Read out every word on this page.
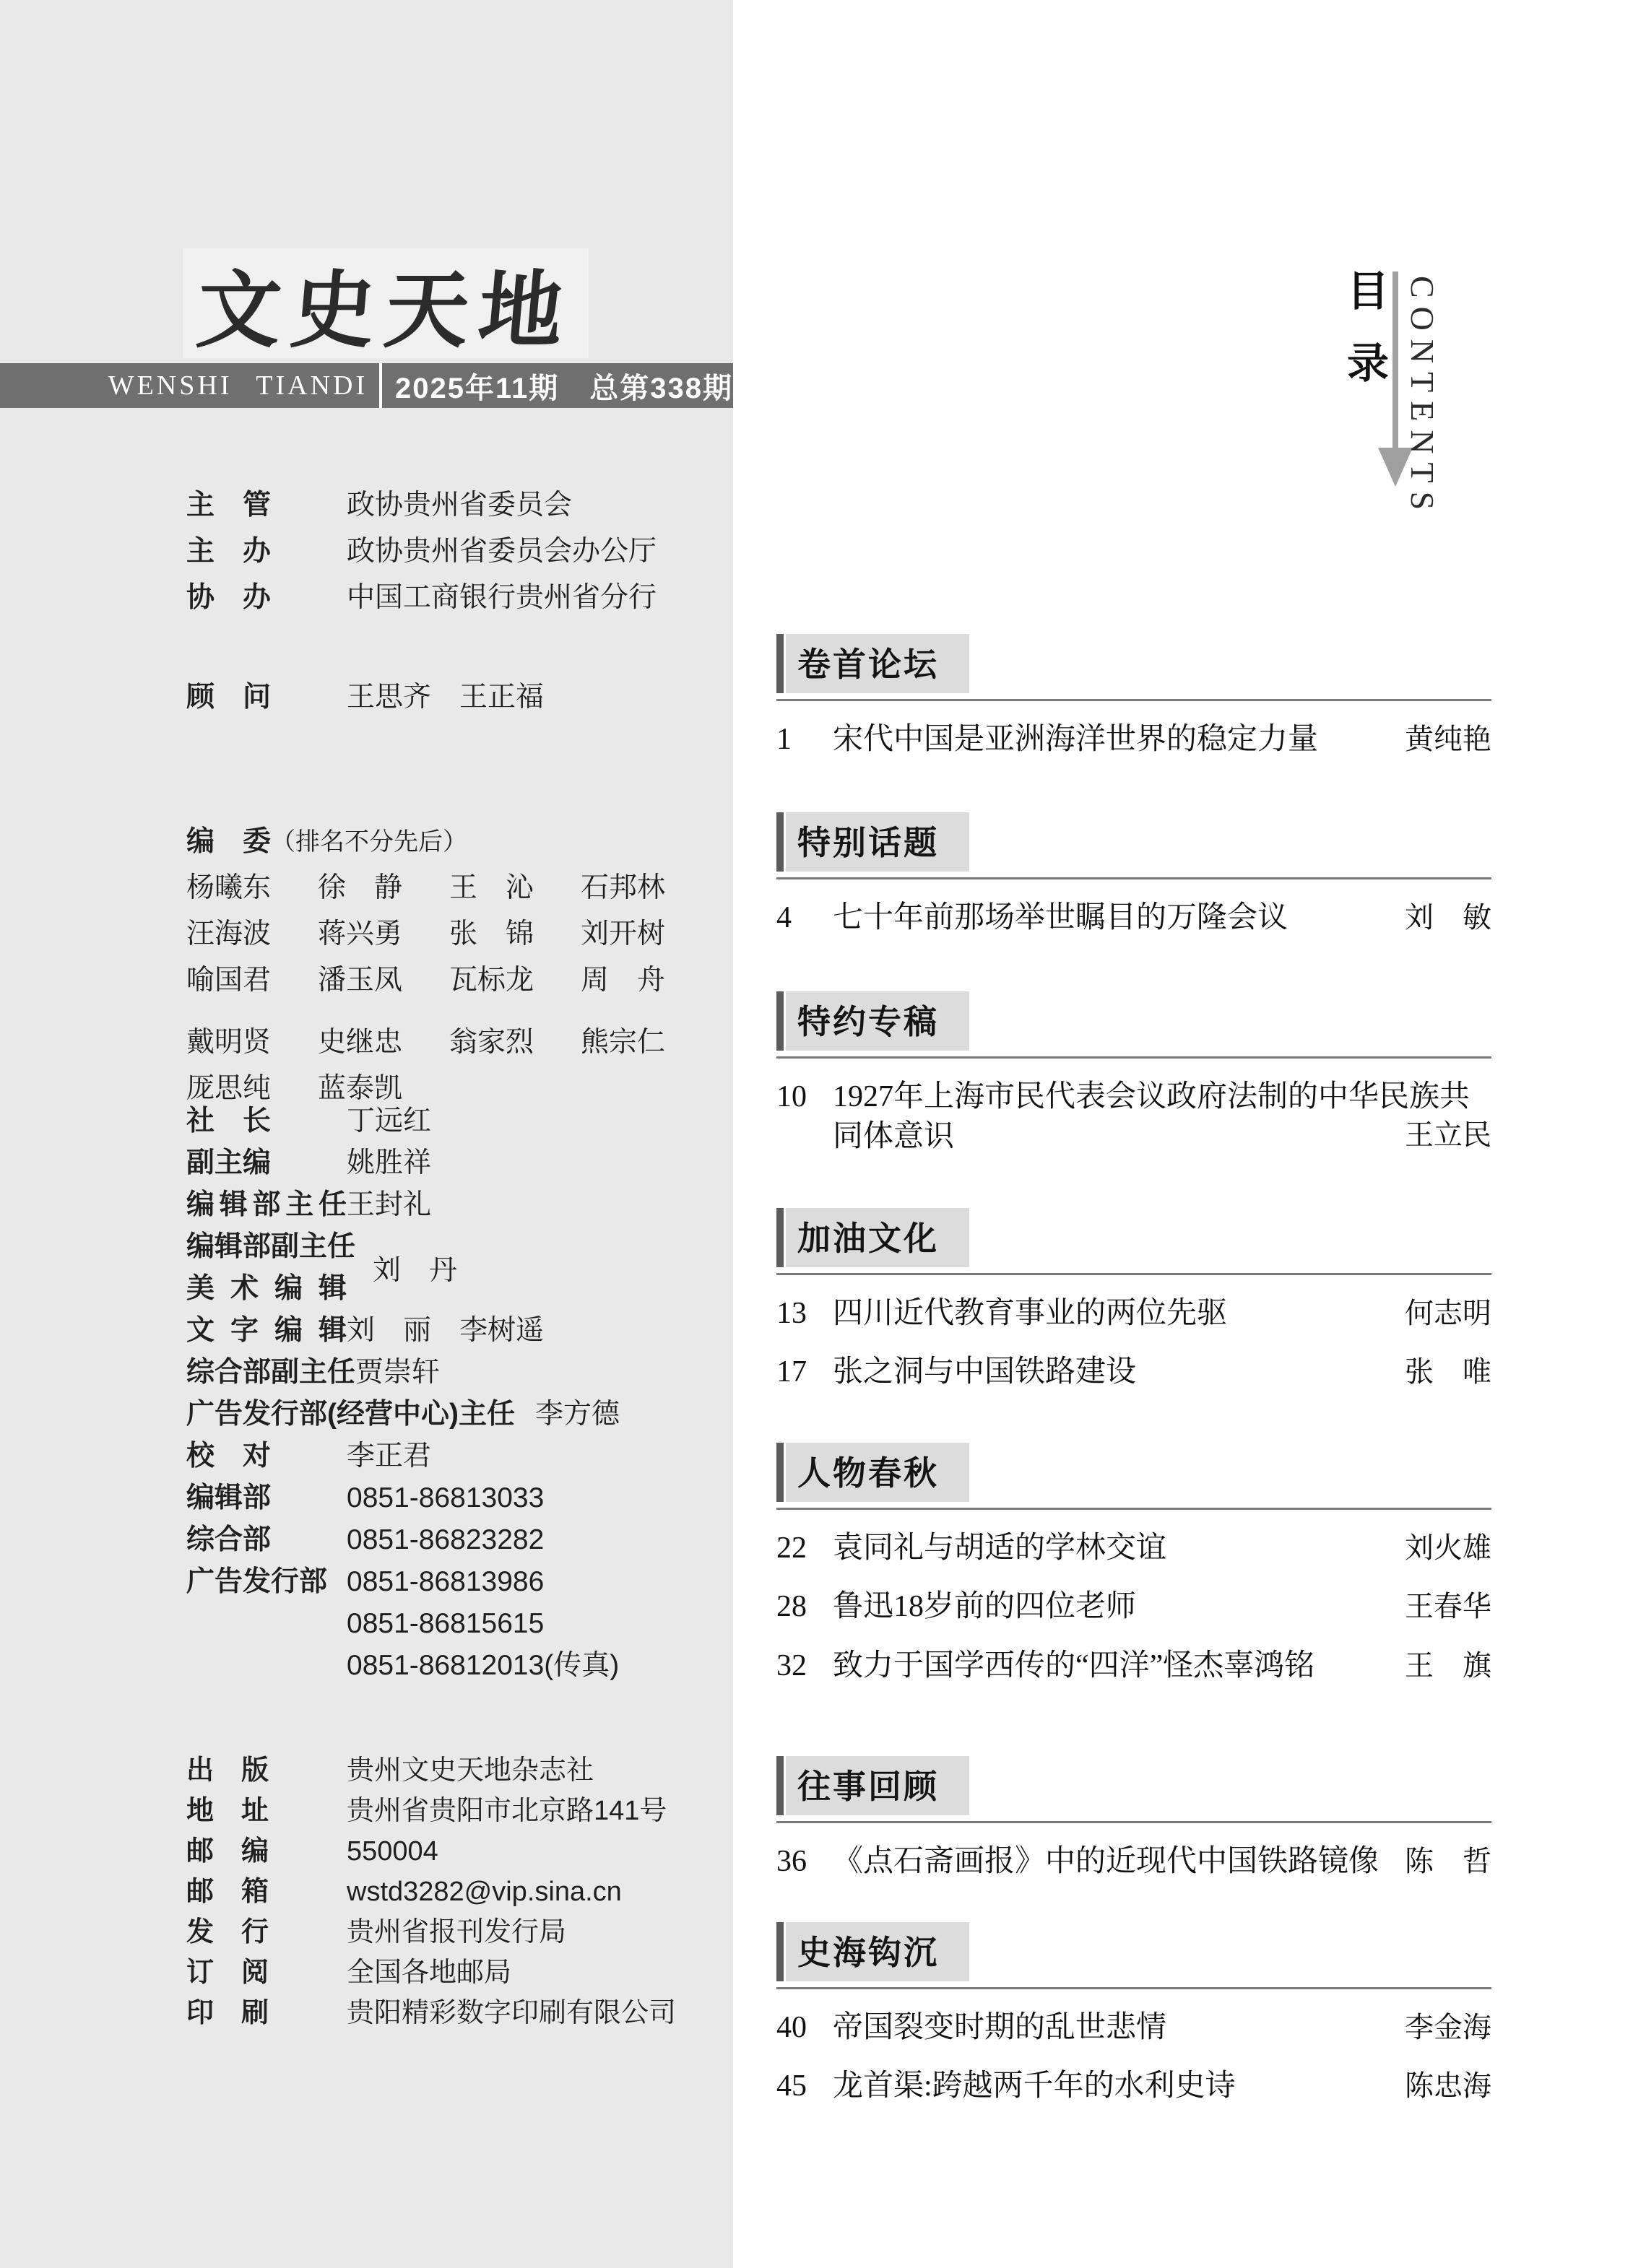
文史天地
WENSHI TIANDI 2025年11期　总第338期
主　管	政协贵州省委员会
主　办	政协贵州省委员会办公厅
协　办	中国工商银行贵州省分行
顾　问	王思齐　王正福
编　委 （排名不分先后）
杨曦东	徐　静	王　沁	石邦林
汪海波	蒋兴勇	张　锦	刘开树
喻国君	潘玉凤	瓦标龙	周　舟
戴明贤	史继忠	翁家烈	熊宗仁
厐思纯	蓝泰凯
社　长	丁远红
副主编	姚胜祥
编辑部主任 王封礼
编辑部副主任
美术编辑
刘　丹
文字编辑 刘　丽　李树遥
综合部副主任 贾崇轩
广告发行部(经营中心)主任 李方德
校　对	李正君
编辑部	0851-86813033
综合部	0851-86823282
广告发行部 0851-86813986
0851-86815615
0851-86812013(传真)
出　版	贵州文史天地杂志社
地　址	贵州省贵阳市北京路141号
邮　编	550004
邮　箱	wstd3282@vip.sina.cn
发　行	贵州省报刊发行局
订　阅	全国各地邮局
印　刷	贵阳精彩数字印刷有限公司
目录 CONTENTS
卷首论坛
1	宋代中国是亚洲海洋世界的稳定力量	黄纯艳
特别话题
4	七十年前那场举世瞩目的万隆会议	刘　敏
特约专稿
10 1927年上海市民代表会议政府法制的中华民族共同体意识	王立民
加油文化
13 四川近代教育事业的两位先驱	何志明
17 张之洞与中国铁路建设	张　唯
人物春秋
22 袁同礼与胡适的学林交谊	刘火雄
28 鲁迅18岁前的四位老师	王春华
32 致力于国学西传的“四洋”怪杰辜鸿铭	王　旗
往事回顾
36 《点石斋画报》中的近现代中国铁路镜像 陈　哲
史海钩沉
40 帝国裂变时期的乱世悲情	李金海
45 龙首渠:跨越两千年的水利史诗	陈忠海
